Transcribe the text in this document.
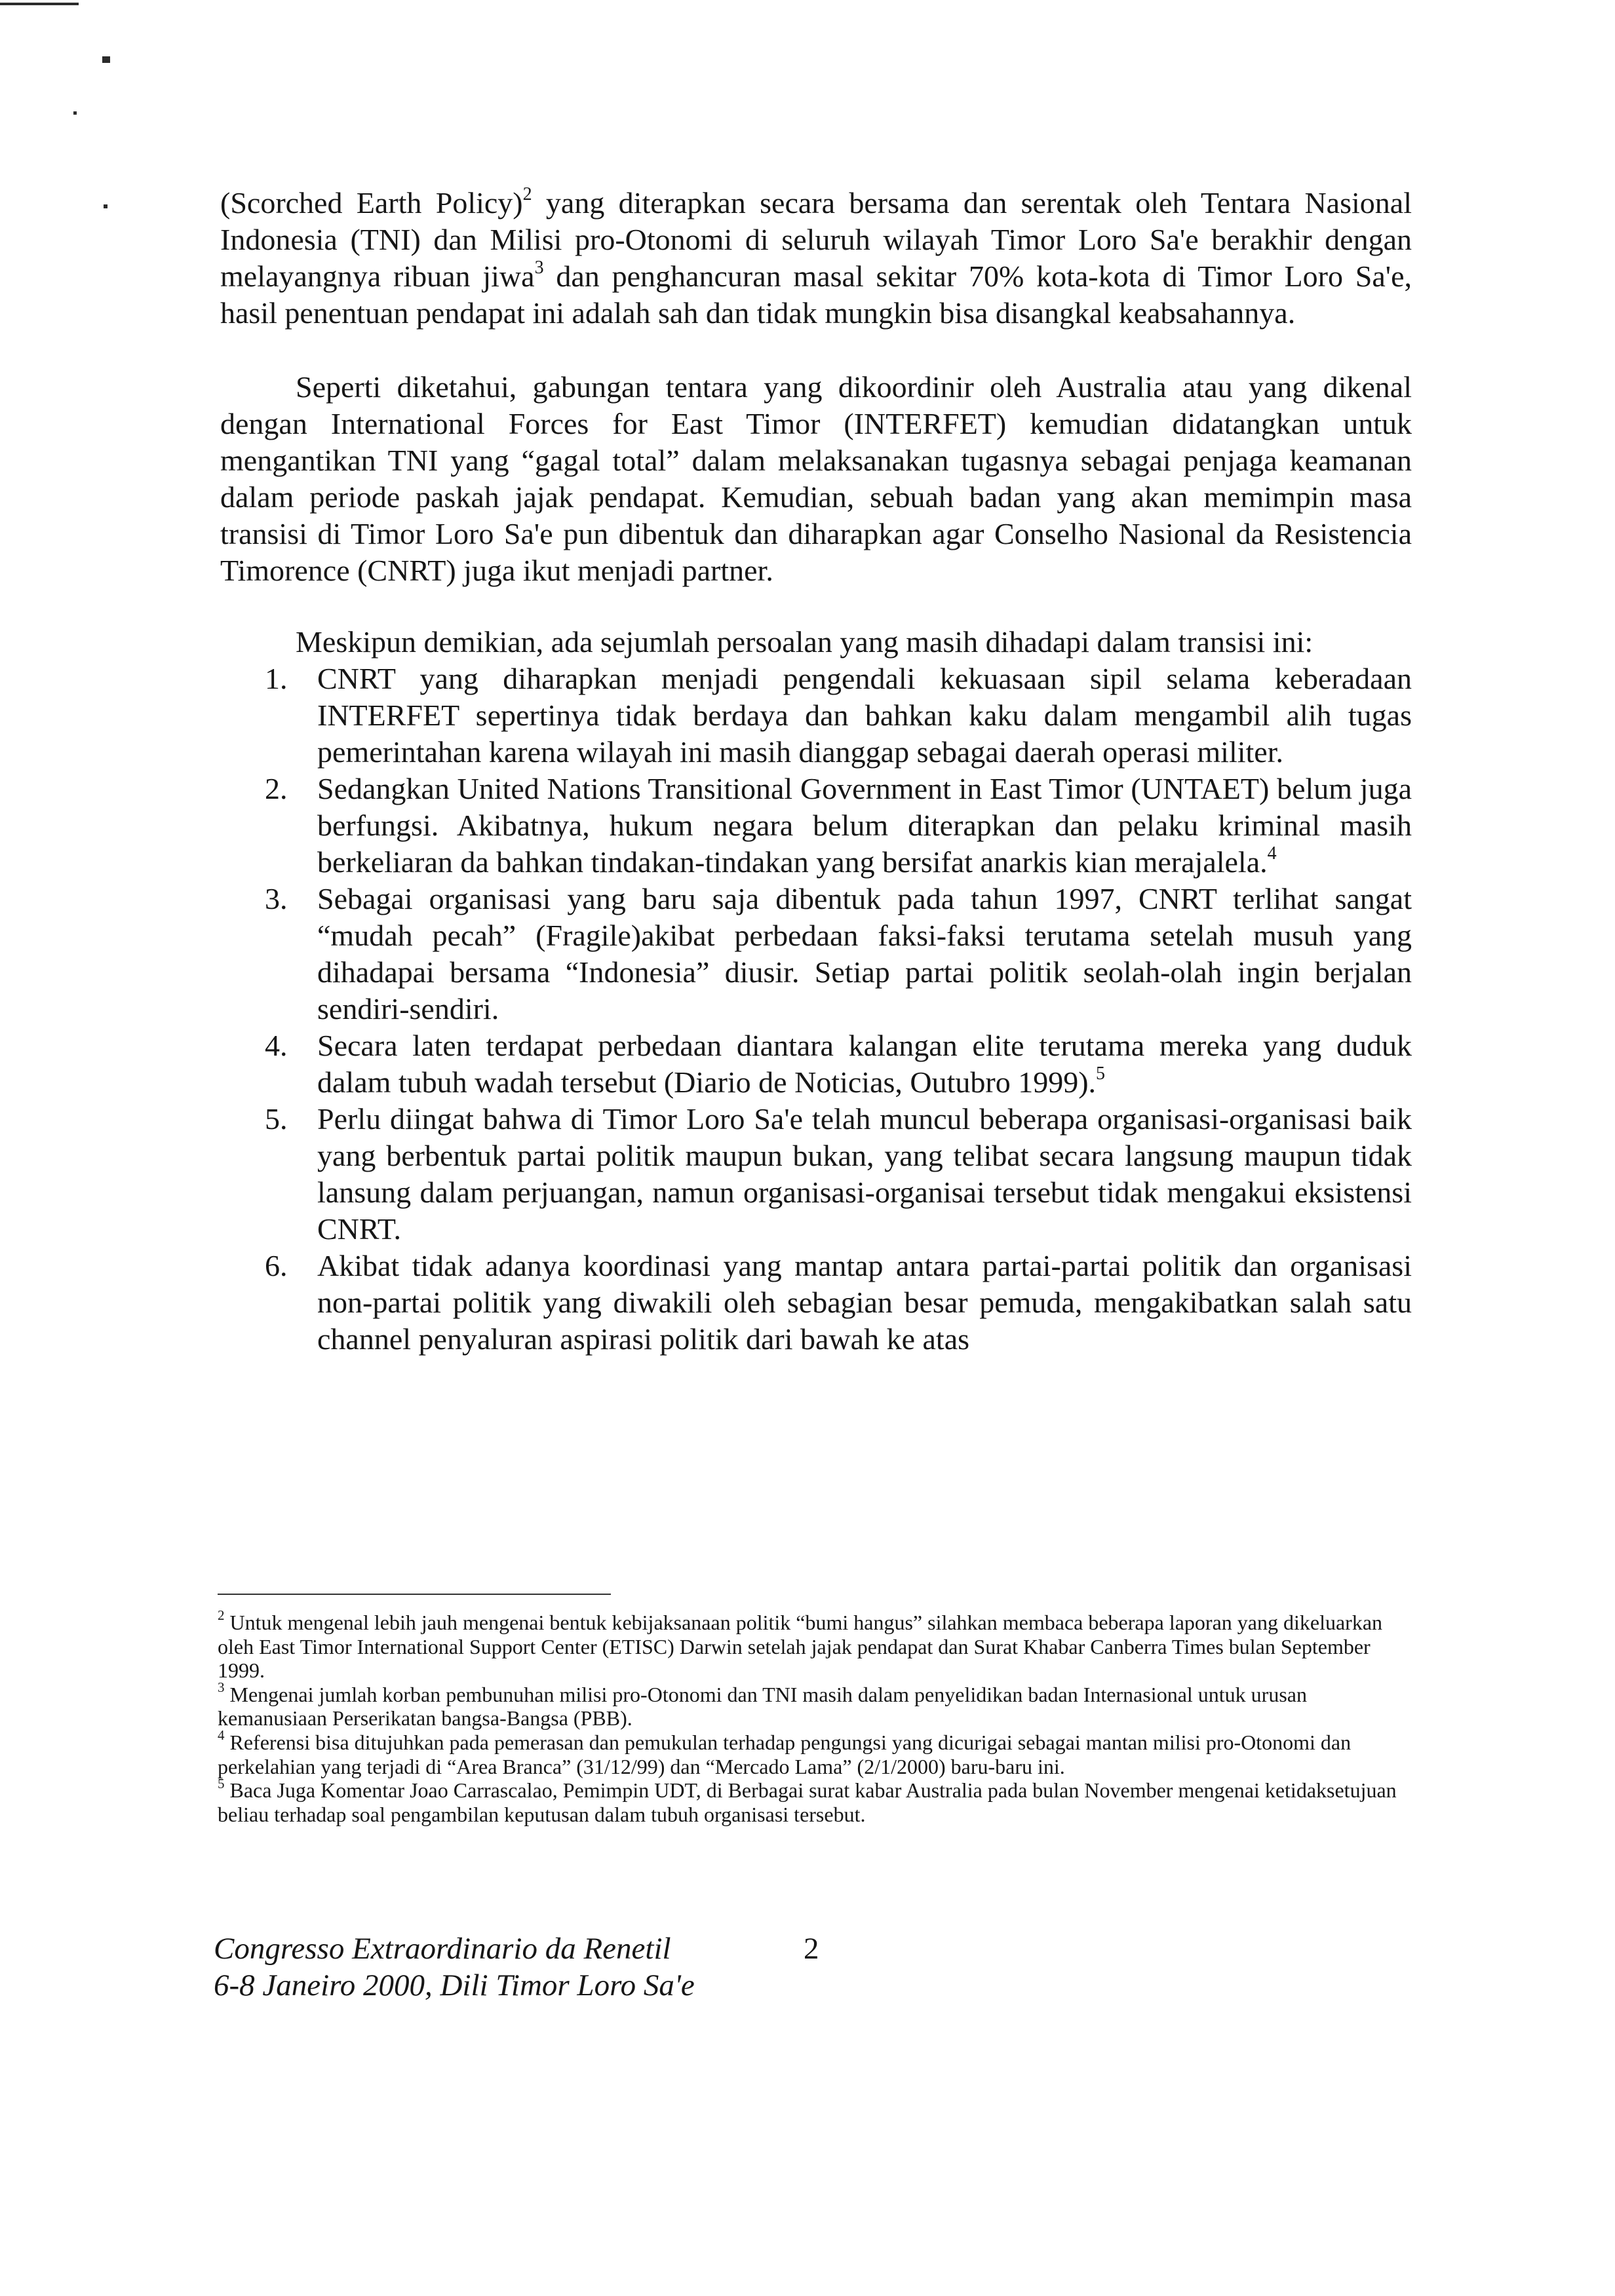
(Scorched Earth Policy)$^2$ yang diterapkan secara bersama dan serentak oleh Tentara Nasional Indonesia (TNI) dan Milisi pro-Otonomi di seluruh wilayah Timor Loro Sa'e berakhir dengan melayangnya ribuan jiwa$^3$ dan penghancuran masal sekitar 70% kota-kota di Timor Loro Sa'e, hasil penentuan pendapat ini adalah sah dan tidak mungkin bisa disangkal keabsahannya.

Seperti diketahui, gabungan tentara yang dikoordinir oleh Australia atau yang dikenal dengan International Forces for East Timor (INTERFET) kemudian didatangkan untuk mengantikan TNI yang “gagal total” dalam melaksanakan tugasnya sebagai penjaga keamanan dalam periode paskah jajak pendapat. Kemudian, sebuah badan yang akan memimpin masa transisi di Timor Loro Sa'e pun dibentuk dan diharapkan agar Conselho Nasional da Resistencia Timorence (CNRT) juga ikut menjadi partner.

Meskipun demikian, ada sejumlah persoalan yang masih dihadapi dalam transisi ini:

1. CNRT yang diharapkan menjadi pengendali kekuasaan sipil selama keberadaan INTERFET sepertinya tidak berdaya dan bahkan kaku dalam mengambil alih tugas pemerintahan karena wilayah ini masih dianggap sebagai daerah operasi militer.
2. Sedangkan United Nations Transitional Government in East Timor (UNTAET) belum juga berfungsi. Akibatnya, hukum negara belum diterapkan dan pelaku kriminal masih berkeliaran da bahkan tindakan-tindakan yang bersifat anarkis kian merajalela.$^4$
3. Sebagai organisasi yang baru saja dibentuk pada tahun 1997, CNRT terlihat sangat “mudah pecah” (Fragile)akibat perbedaan faksi-faksi terutama setelah musuh yang dihadapai bersama “Indonesia” diusir. Setiap partai politik seolah-olah ingin berjalan sendiri-sendiri.
4. Secara laten terdapat perbedaan diantara kalangan elite terutama mereka yang duduk dalam tubuh wadah tersebut (Diario de Noticias, Outubro 1999).$^5$
5. Perlu diingat bahwa di Timor Loro Sa'e telah muncul beberapa organisasi-organisasi baik yang berbentuk partai politik maupun bukan, yang telibat secara langsung maupun tidak lansung dalam perjuangan, namun organisasi-organisai tersebut tidak mengakui eksistensi CNRT.
6. Akibat tidak adanya koordinasi yang mantap antara partai-partai politik dan organisasi non-partai politik yang diwakili oleh sebagian besar pemuda, mengakibatkan salah satu channel penyaluran aspirasi politik dari bawah ke atas

$^2$ Untuk mengenal lebih jauh mengenai bentuk kebijaksanaan politik “bumi hangus” silahkan membaca beberapa laporan yang dikeluarkan oleh East Timor International Support Center (ETISC) Darwin setelah jajak pendapat dan Surat Khabar Canberra Times bulan September 1999.

$^3$ Mengenai jumlah korban pembunuhan milisi pro-Otonomi dan TNI masih dalam penyelidikan badan Internasional untuk urusan kemanusiaan Perserikatan bangsa-Bangsa (PBB).

$^4$ Referensi bisa ditujuhkan pada pemerasan dan pemukulan terhadap pengungsi yang dicurigai sebagai mantan milisi pro-Otonomi dan perkelahian yang terjadi di “Area Branca” (31/12/99) dan “Mercado Lama” (2/1/2000) baru-baru ini.

$^5$ Baca Juga Komentar Joao Carrascalao, Pemimpin UDT, di Berbagai surat kabar Australia pada bulan November mengenai ketidaksetujuan beliau terhadap soal pengambilan keputusan dalam tubuh organisasi tersebut.

Congresso Extraordinario da Renetil
6-8 Janeiro 2000, Dili Timor Loro Sa'e
2
